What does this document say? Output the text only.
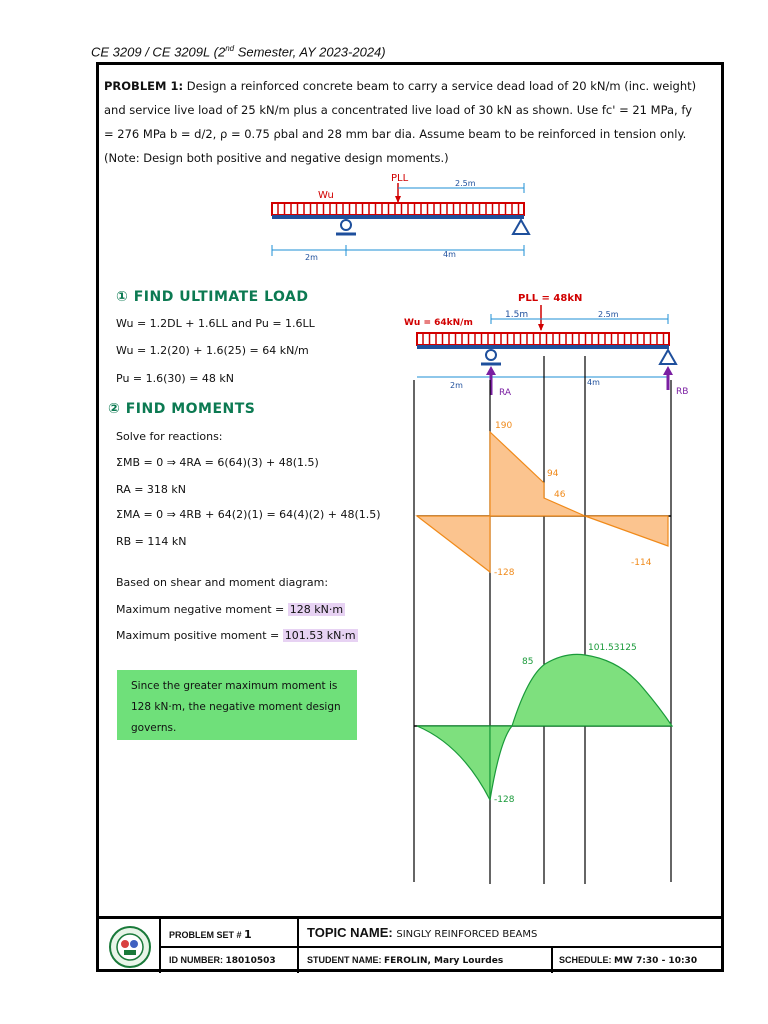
CE 3209 / CE 3209L (2nd Semester, AY 2023-2024)
PROBLEM 1: Design a reinforced concrete beam to carry a service dead load of 20 kN/m (inc. weight) and service live load of 25 kN/m plus a concentrated live load of 30 kN as shown. Use fc' = 21 MPa, fy = 276 MPa b = d/2, ρ = 0.75 ρbal and 28 mm bar dia. Assume beam to be reinforced in tension only. (Note: Design both positive and negative design moments.)
PLL
Wu
2.5m
2m	4m
PLL = 48kN
Wu = 64kN/m
1.5m	2.5m
2m	4m
RA	RB
190
94
46
-128
-114
85
101.53125
-128
① FIND ULTIMATE LOAD
Wu = 1.2DL + 1.6LL and Pu = 1.6LL
Wu = 1.2(20) + 1.6(25) = 64 kN/m
Pu = 1.6(30) = 48 kN
② FIND MOMENTS
Solve for reactions:
ΣMB = 0 ⇒ 4RA = 6(64)(3) + 48(1.5)
RA = 318 kN
ΣMA = 0 ⇒ 4RB + 64(2)(1) = 64(4)(2) + 48(1.5)
RB = 114 kN
Based on shear and moment diagram:
Maximum negative moment = 128 kN·m
Maximum positive moment = 101.53 kN·m
Since the greater maximum moment is 128 kN·m, the negative moment design governs.
PROBLEM SET # 1	TOPIC NAME: SINGLY REINFORCED BEAMS
ID NUMBER: 18010503	STUDENT NAME: FEROLIN, Mary Lourdes	SCHEDULE: MW 7:30 - 10:30
